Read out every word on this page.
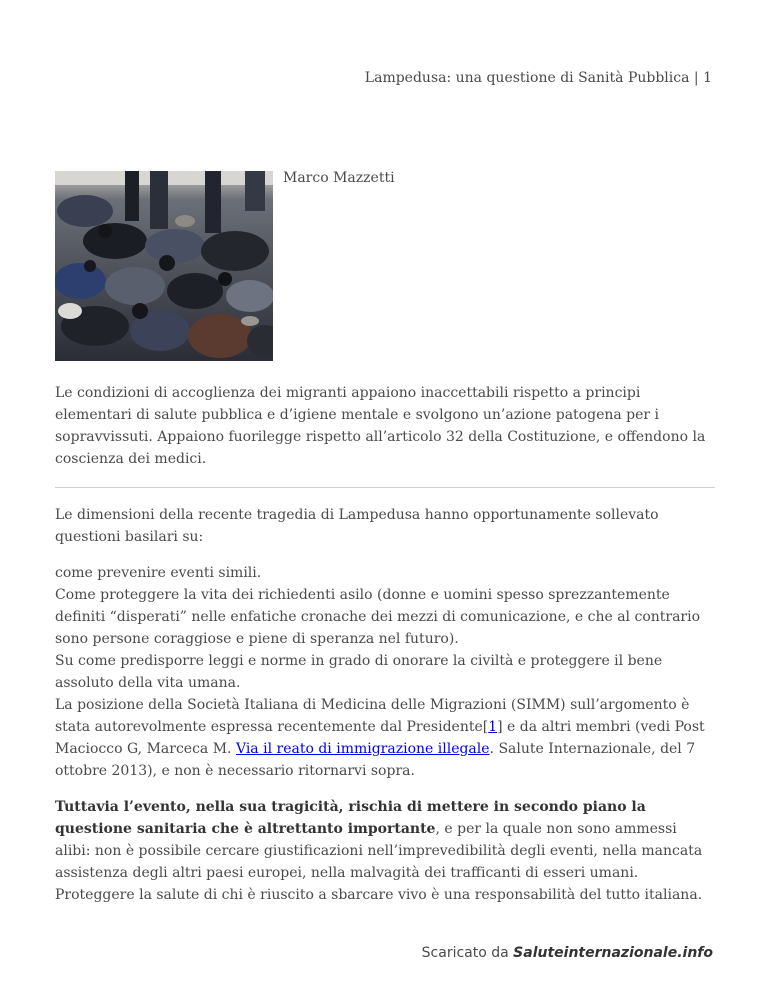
Lampedusa: una questione di Sanità Pubblica | 1
Marco Mazzetti

Le condizioni di accoglienza dei migranti appaiono inaccettabili rispetto a principi elementari di salute pubblica e d’igiene mentale e svolgono un’azione patogena per i sopravvissuti. Appaiono fuorilegge rispetto all’articolo 32 della Costituzione, e offendono la coscienza dei medici.

Le dimensioni della recente tragedia di Lampedusa hanno opportunamente sollevato questioni basilari su:

come prevenire eventi simili.
Come proteggere la vita dei richiedenti asilo (donne e uomini spesso sprezzantemente definiti “disperati” nelle enfatiche cronache dei mezzi di comunicazione, e che al contrario sono persone coraggiose e piene di speranza nel futuro).
Su come predisporre leggi e norme in grado di onorare la civiltà e proteggere il bene assoluto della vita umana.
La posizione della Società Italiana di Medicina delle Migrazioni (SIMM) sull’argomento è stata autorevolmente espressa recentemente dal Presidente[1] e da altri membri (vedi Post Maciocco G, Marceca M. Via il reato di immigrazione illegale. Salute Internazionale, del 7 ottobre 2013), e non è necessario ritornarvi sopra.

Tuttavia l’evento, nella sua tragicità, rischia di mettere in secondo piano la questione sanitaria che è altrettanto importante, e per la quale non sono ammessi alibi: non è possibile cercare giustificazioni nell’imprevedibilità degli eventi, nella mancata assistenza degli altri paesi europei, nella malvagità dei trafficanti di esseri umani. Proteggere la salute di chi è riuscito a sbarcare vivo è una responsabilità del tutto italiana.

Scaricato da Saluteinternazionale.info
